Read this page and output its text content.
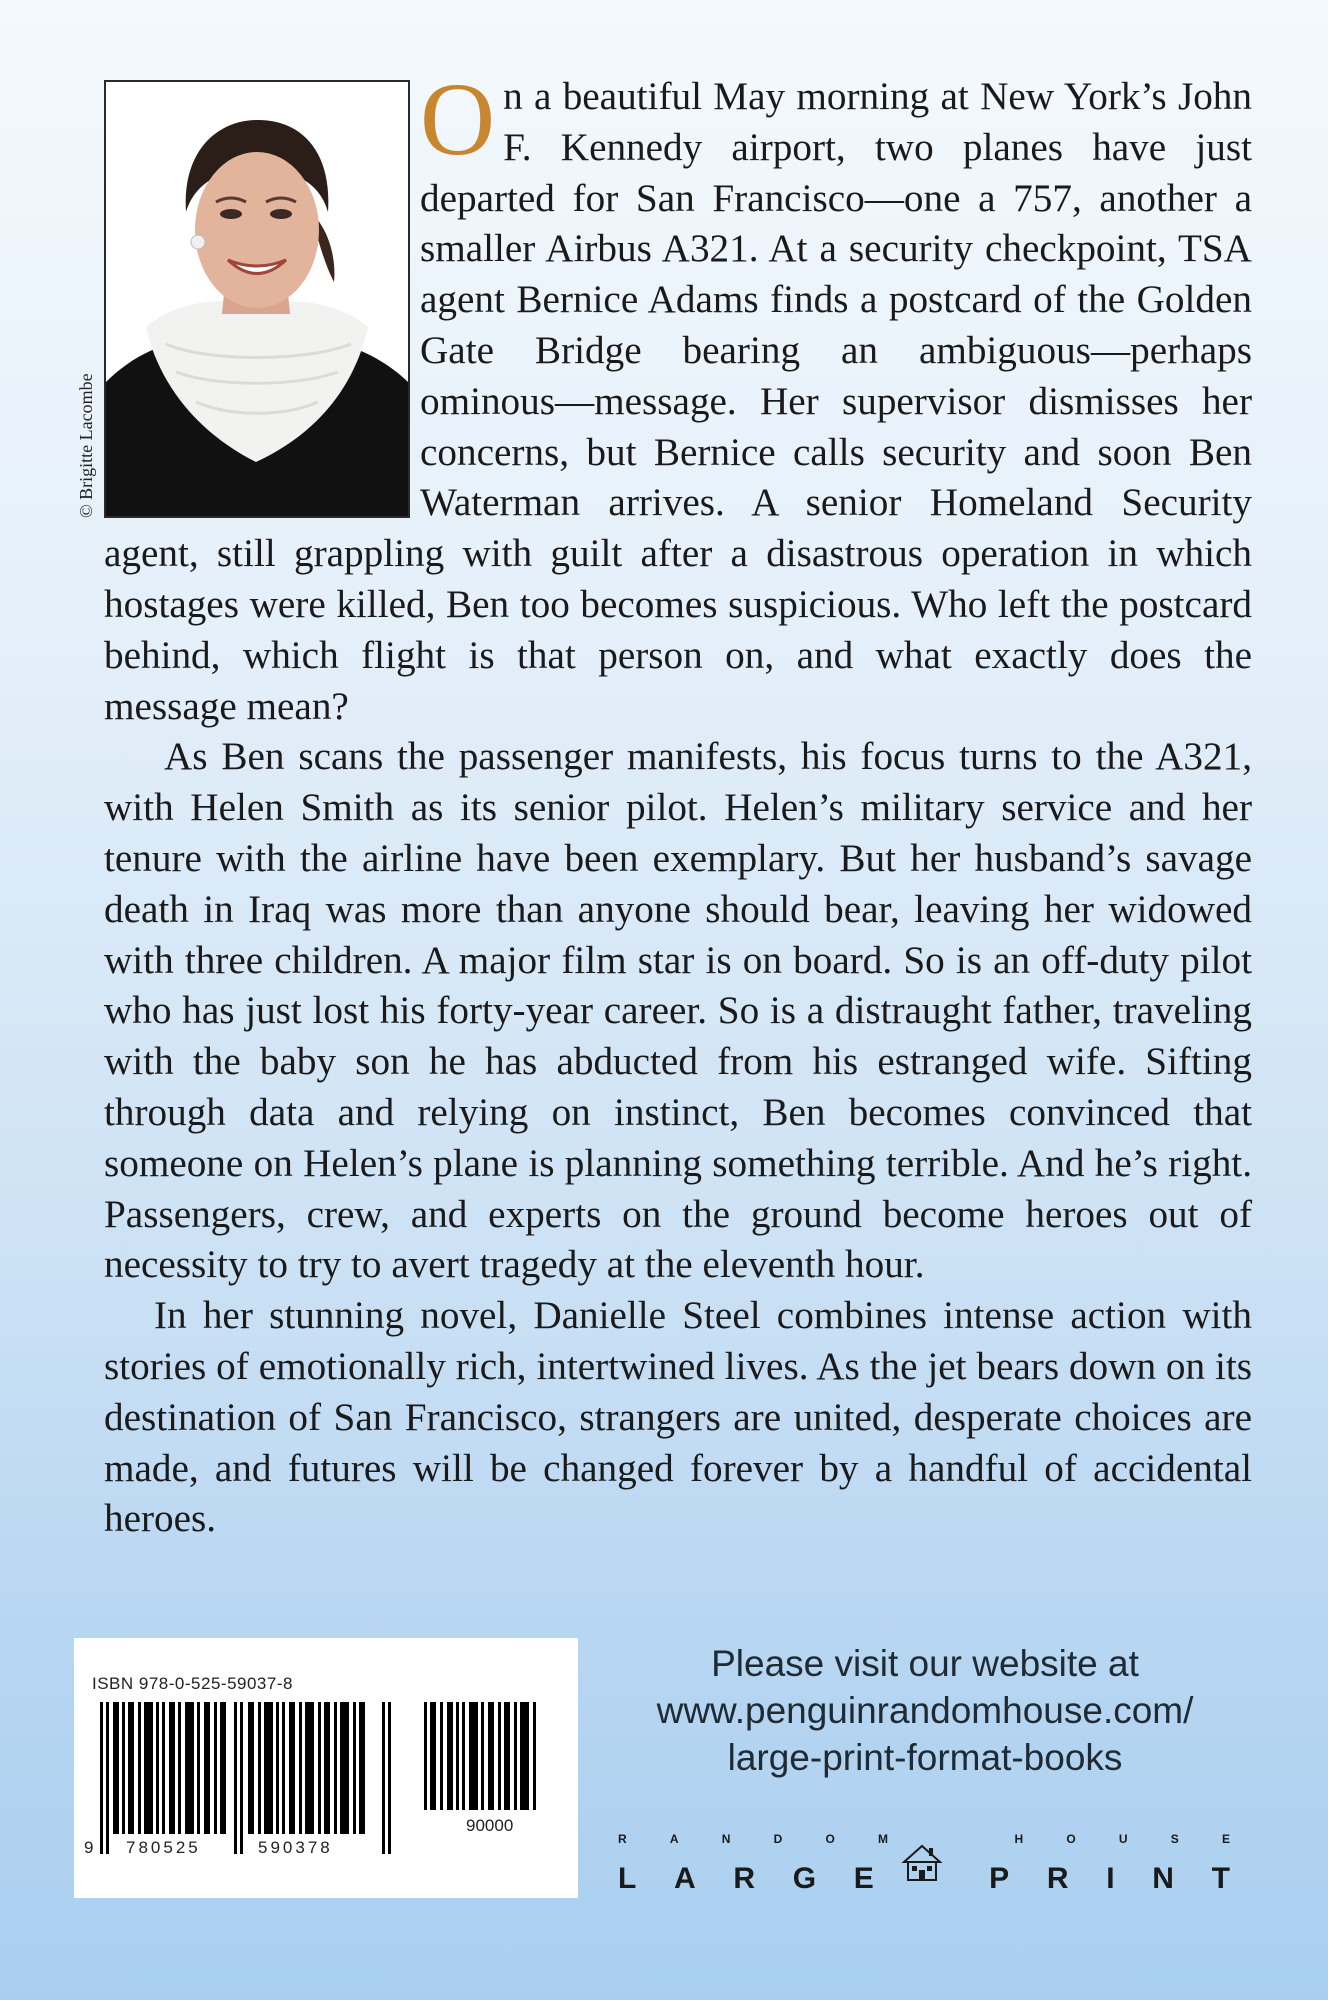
© Brigitte Lacombe

On a beautiful May morning at New York’s John F. Kennedy airport, two planes have just departed for San Francisco—one a 757, another a smaller Airbus A321. At a security checkpoint, TSA agent Bernice Adams finds a postcard of the Golden Gate Bridge bearing an ambiguous—perhaps ominous—message. Her supervisor dismisses her concerns, but Bernice calls security and soon Ben Waterman arrives. A senior Homeland Security agent, still grappling with guilt after a disastrous operation in which hostages were killed, Ben too becomes suspicious. Who left the postcard behind, which flight is that person on, and what exactly does the message mean?

As Ben scans the passenger manifests, his focus turns to the A321, with Helen Smith as its senior pilot. Helen’s military service and her tenure with the airline have been exemplary. But her husband’s savage death in Iraq was more than anyone should bear, leaving her widowed with three children. A major film star is on board. So is an off-duty pilot who has just lost his forty-year career. So is a distraught father, traveling with the baby son he has abducted from his estranged wife. Sifting through data and relying on instinct, Ben becomes convinced that someone on Helen’s plane is planning something terrible. And he’s right. Passengers, crew, and experts on the ground become heroes out of necessity to try to avert tragedy at the eleventh hour.

In her stunning novel, Danielle Steel combines intense action with stories of emotionally rich, intertwined lives. As the jet bears down on its destination of San Francisco, strangers are united, desperate choices are made, and futures will be changed forever by a handful of accidental heroes.

ISBN 978-0-525-59037-8
9 780525	590378
90000
Please visit our website at
www.penguinrandomhouse.com/
large-print-format-books
R	A	N	D	O	M	H	O	U	S	E
L A R G E	P R I N T
